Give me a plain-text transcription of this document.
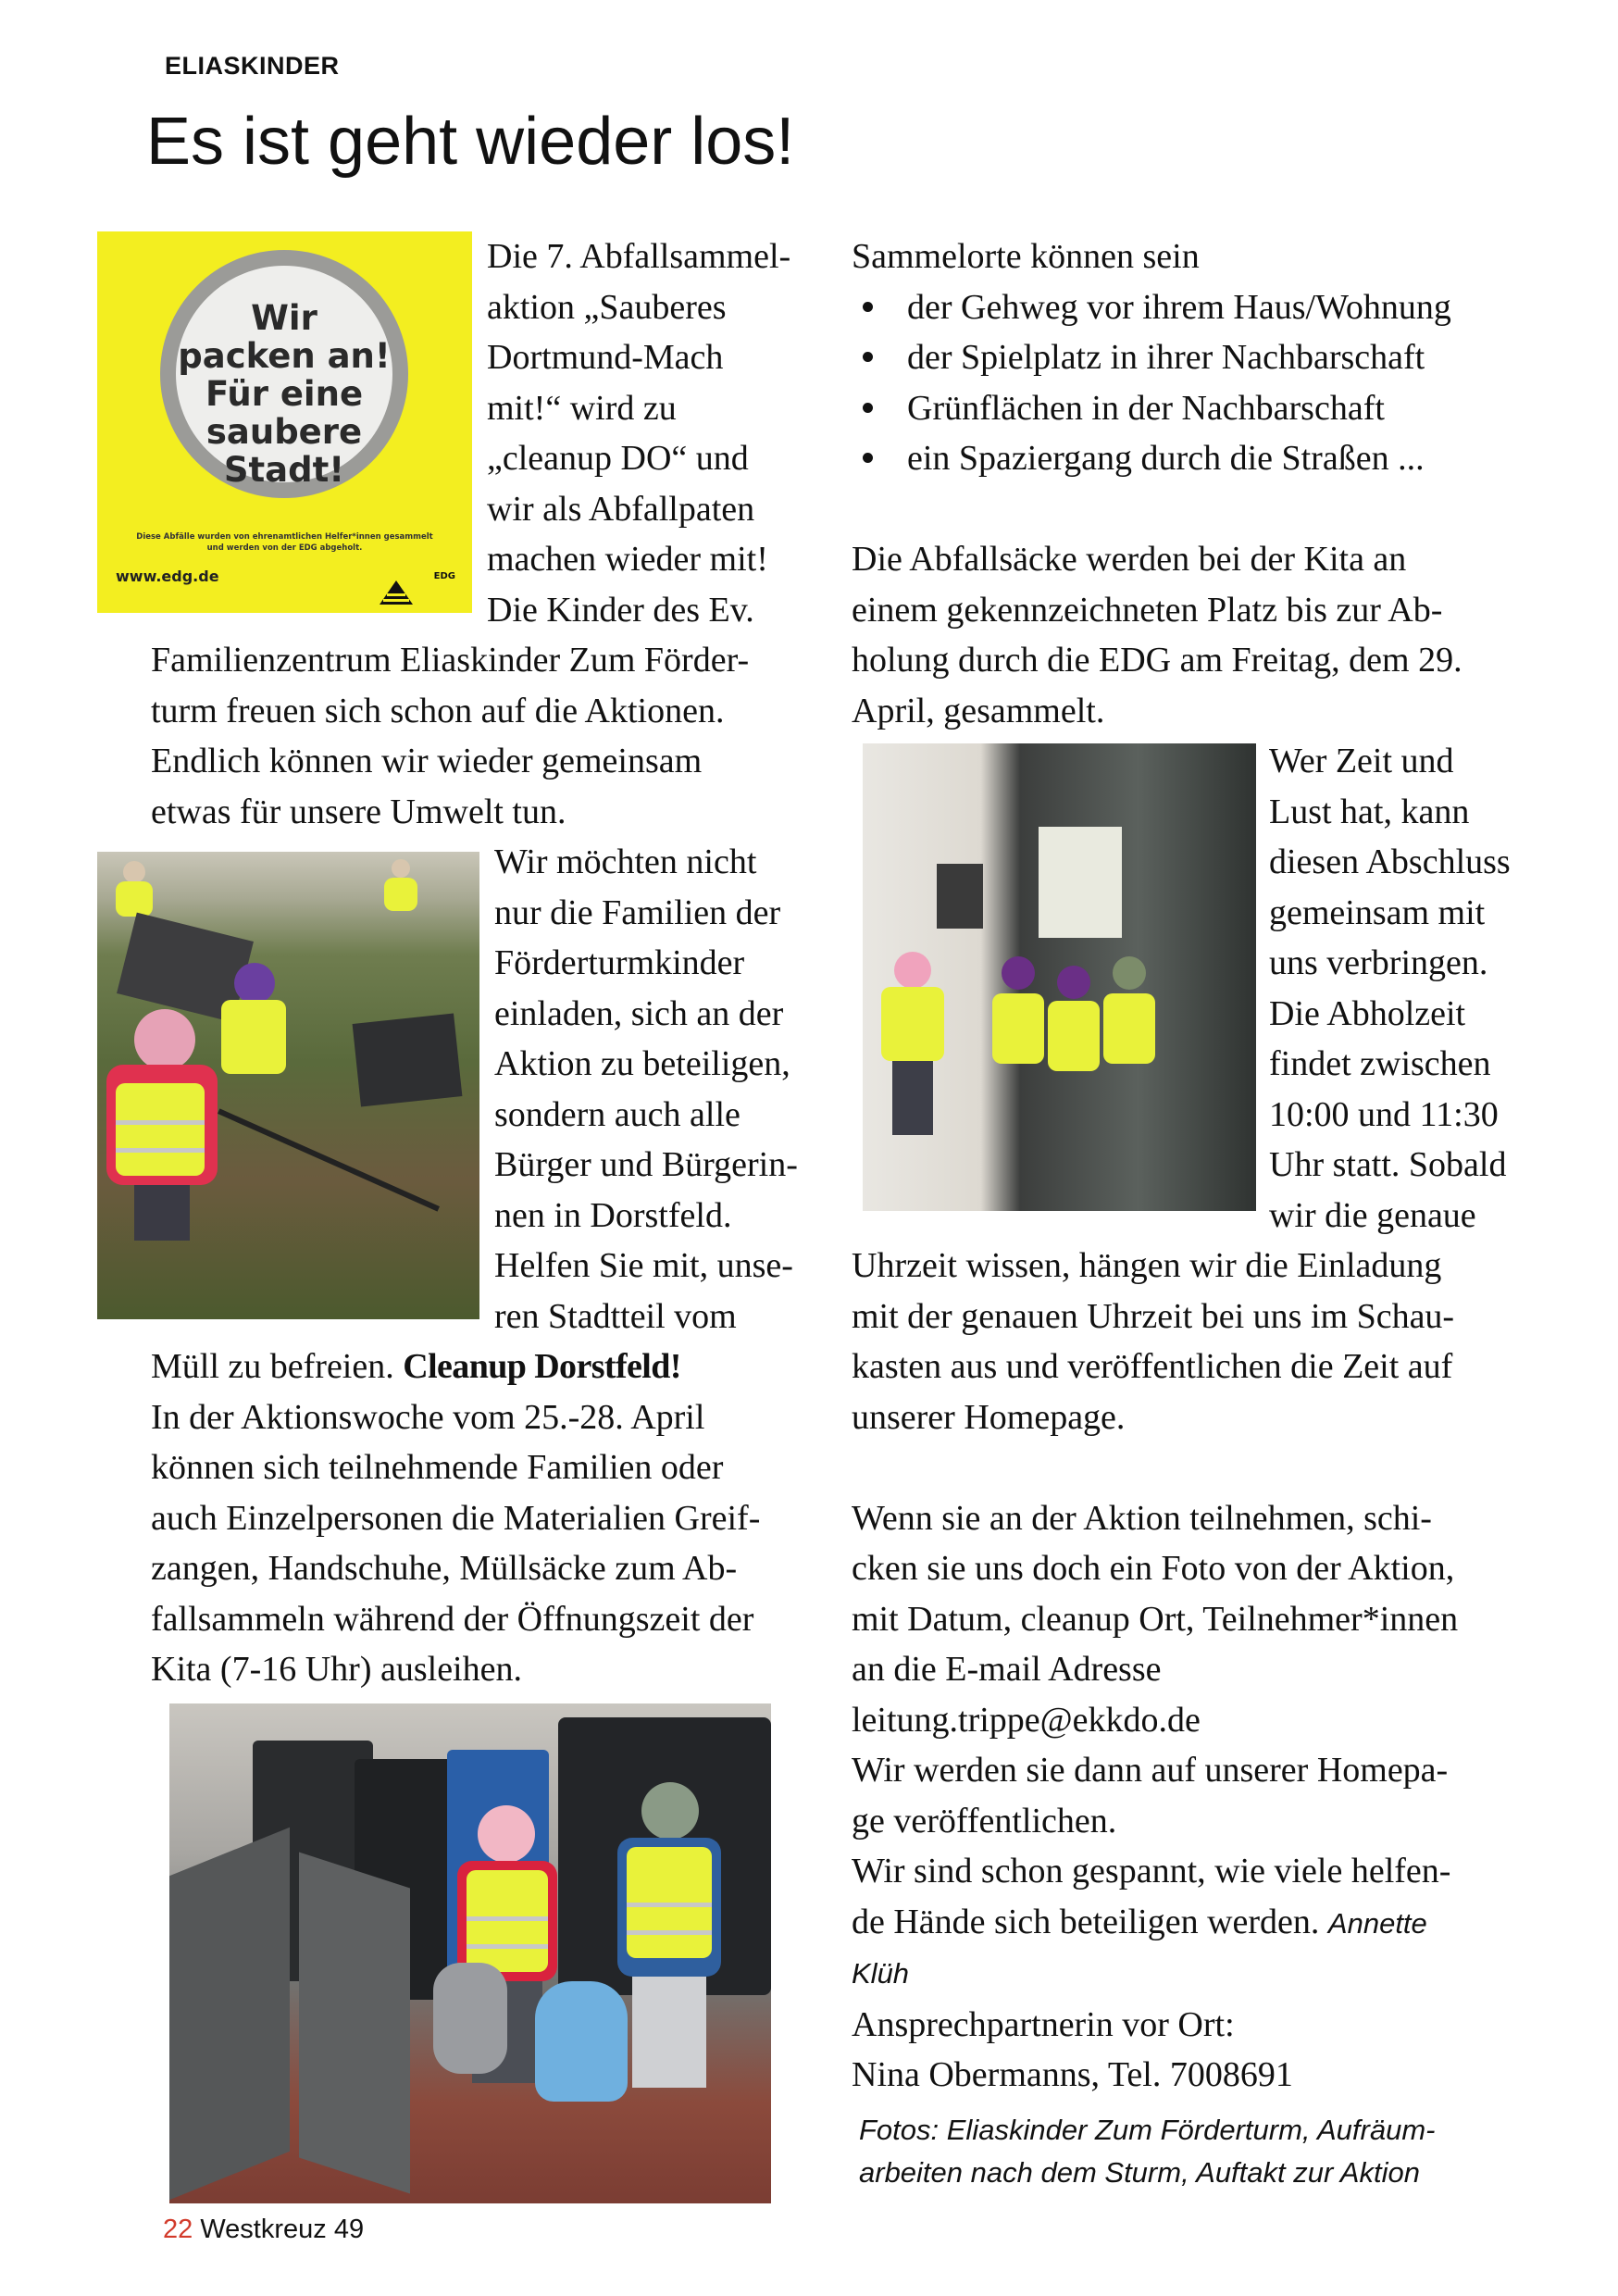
ELIASKINDER
Es ist geht wieder los!
Wir
packen an!
Für eine
saubere
Stadt!
Diese Abfälle wurden von ehrenamtlichen Helfer*innen gesammelt
und werden von der EDG abgeholt.
www.edg.de	EDG
Die 7. Abfallsammel-
aktion „Sauberes
Dortmund-Mach
mit!“ wird zu
„cleanup DO“ und
wir als Abfallpaten
machen wieder mit!
Die Kinder des Ev.
Familienzentrum Eliaskinder Zum Förder-
turm freuen sich schon auf die Aktionen.
Endlich können wir wieder gemeinsam
etwas für unsere Umwelt tun.
Wir möchten nicht
nur die Familien der
Förderturmkinder
einladen, sich an der
Aktion zu beteiligen,
sondern auch alle
Bürger und Bürgerin-
nen in Dorstfeld.
Helfen Sie mit, unse-
ren Stadtteil vom
Müll zu befreien. Cleanup Dorstfeld!
In der Aktionswoche vom 25.-28. April
können sich teilnehmende Familien oder
auch Einzelpersonen die Materialien Greif-
zangen, Handschuhe, Müllsäcke zum Ab-
fallsammeln während der Öffnungszeit der
Kita (7-16 Uhr) ausleihen.

Sammelorte können sein

der Gehweg vor ihrem Haus/Wohnung
der Spielplatz in ihrer Nachbarschaft
Grünflächen in der Nachbarschaft
ein Spaziergang durch die Straßen ...
Die Abfallsäcke werden bei der Kita an
einem gekennzeichneten Platz bis zur Ab-
holung durch die EDG am Freitag, dem 29.
April, gesammelt.
Wer Zeit und
Lust hat, kann
diesen Abschluss
gemeinsam mit
uns verbringen.
Die Abholzeit
findet zwischen
10:00 und 11:30
Uhr statt. Sobald
wir die genaue
Uhrzeit wissen, hängen wir die Einladung
mit der genauen Uhrzeit bei uns im Schau-
kasten aus und veröffentlichen die Zeit auf
unserer Homepage.
Wenn sie an der Aktion teilnehmen, schi-
cken sie uns doch ein Foto von der Aktion,
mit Datum, cleanup Ort, Teilnehmer*innen
an die E-mail Adresse
leitung.trippe@ekkdo.de
Wir werden sie dann auf unserer Homepa-
ge veröffentlichen.
Wir sind schon gespannt, wie viele helfen-
de Hände sich beteiligen werden. Annette
Klüh
Ansprechpartnerin vor Ort:
Nina Obermanns, Tel. 7008691
Fotos: Eliaskinder Zum Förderturm, Aufräum-
arbeiten nach dem Sturm, Auftakt zur Aktion
22 Westkreuz 49
